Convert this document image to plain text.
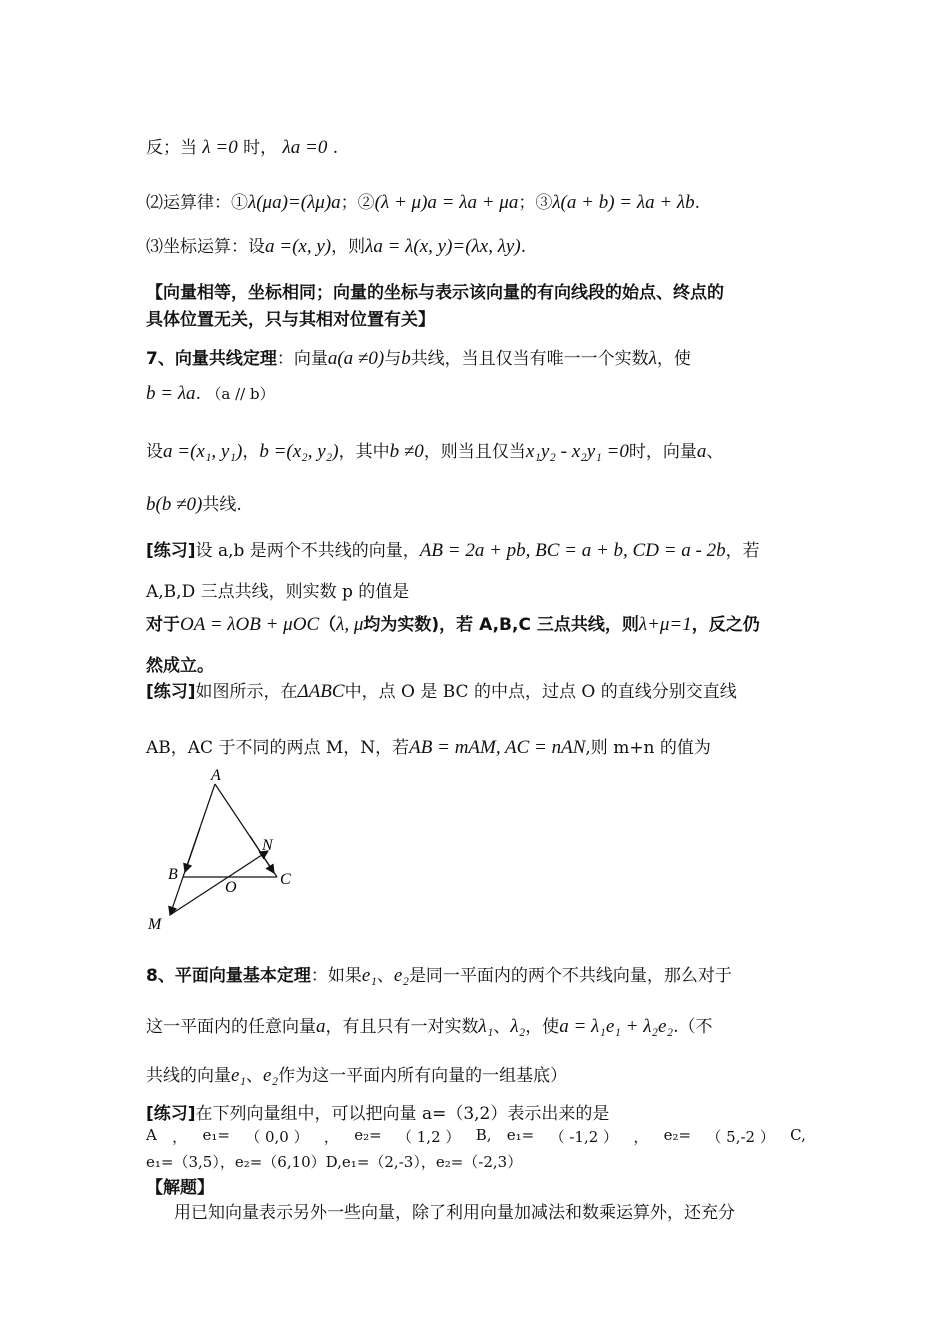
反；当 λ =0 时， λa =0 .
⑵运算律：①λ(μa)=(λμ)a；②(λ + μ)a = λa + μa；③λ(a + b) = λa + λb.
⑶坐标运算：设a =(x, y)，则λa = λ(x, y)=(λx, λy).
【向量相等，坐标相同；向量的坐标与表示该向量的有向线段的始点、终点的
具体位置无关，只与其相对位置有关】
7、向量共线定理：向量a(a ≠0)与b共线，当且仅当有唯一一个实数λ，使
b = λa. （a // b）
设a =(x₁, y₁)，b =(x₂, y₂)，其中b ≠0，则当且仅当x₁y₂ - x₂y₁ =0时，向量a、
b(b ≠0)共线.
[练习]设 a,b 是两个不共线的向量，AB = 2a + pb, BC = a + b, CD = a - 2b，若
A,B,D 三点共线，则实数 p 的值是
对于OA = λOB + μOC（λ, μ均为实数)，若 A,B,C 三点共线，则λ+μ=1，反之仍
然成立。
[练习]如图所示，在ΔABC中，点 O 是 BC 的中点，过点 O 的直线分别交直线
AB，AC 于不同的两点 M，N，若AB = mAM, AC = nAN,则 m+n 的值为
A
B	C
O
N
M
8、平面向量基本定理：如果e₁、e₂是同一平面内的两个不共线向量，那么对于
这一平面内的任意向量a，有且只有一对实数λ₁、λ₂，使a = λ₁e₁ + λ₂e₂.（不
共线的向量e₁、e₂作为这一平面内所有向量的一组基底）
[练习]在下列向量组中，可以把向量 a=（3,2）表示出来的是
A ， e₁= （ 0,0 ） ， e₂= （ 1,2 ） B, e₁= （ -1,2 ） ， e₂= （ 5,-2 ） C,
e₁=（3,5），e₂=（6,10）D,e₁=（2,-3），e₂=（-2,3）
【解题】
用已知向量表示另外一些向量，除了利用向量加减法和数乘运算外，还充分
